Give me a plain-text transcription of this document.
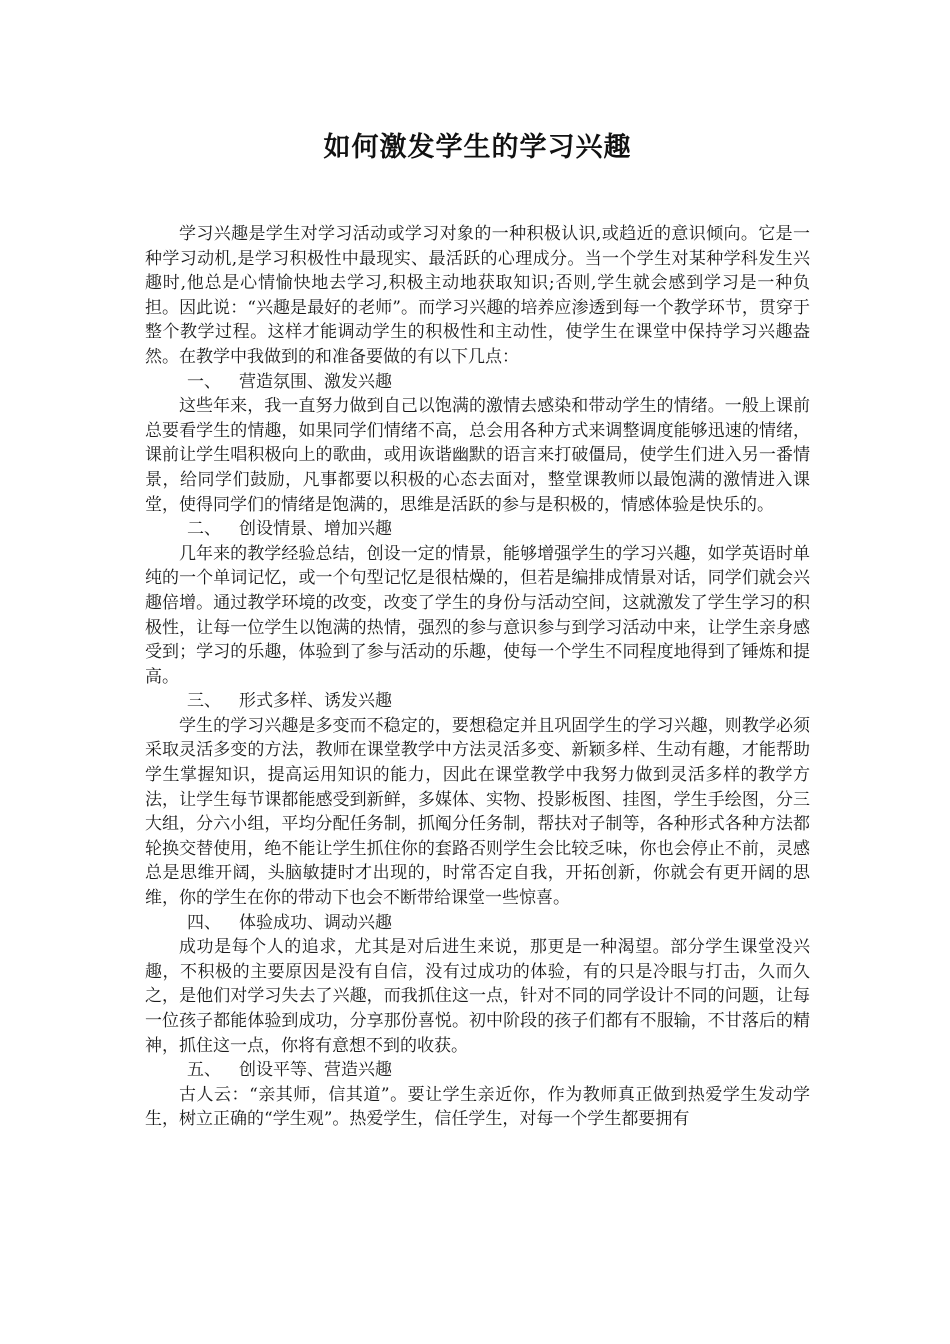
如何激发学生的学习兴趣

学习兴趣是学生对学习活动或学习对象的一种积极认识,或趋近的意识倾向。它是一种学习动机,是学习积极性中最现实、最活跃的心理成分。当一个学生对某种学科发生兴趣时,他总是心情愉快地去学习,积极主动地获取知识;否则,学生就会感到学习是一种负担。因此说：“兴趣是最好的老师”。而学习兴趣的培养应渗透到每一个教学环节，贯穿于整个教学过程。这样才能调动学生的积极性和主动性，使学生在课堂中保持学习兴趣盎然。在教学中我做到的和准备要做的有以下几点：

一、 营造氛围、激发兴趣

这些年来，我一直努力做到自己以饱满的激情去感染和带动学生的情绪。一般上课前总要看学生的情趣，如果同学们情绪不高，总会用各种方式来调整调度能够迅速的情绪，课前让学生唱积极向上的歌曲，或用诙谐幽默的语言来打破僵局，使学生们进入另一番情景，给同学们鼓励，凡事都要以积极的心态去面对，整堂课教师以最饱满的激情进入课堂，使得同学们的情绪是饱满的，思维是活跃的参与是积极的，情感体验是快乐的。

二、 创设情景、增加兴趣

几年来的教学经验总结，创设一定的情景，能够增强学生的学习兴趣，如学英语时单纯的一个单词记忆，或一个句型记忆是很枯燥的，但若是编排成情景对话，同学们就会兴趣倍增。通过教学环境的改变，改变了学生的身份与活动空间，这就激发了学生学习的积极性，让每一位学生以饱满的热情，强烈的参与意识参与到学习活动中来，让学生亲身感受到；学习的乐趣，体验到了参与活动的乐趣，使每一个学生不同程度地得到了锤炼和提高。

三、 形式多样、诱发兴趣

学生的学习兴趣是多变而不稳定的，要想稳定并且巩固学生的学习兴趣，则教学必须采取灵活多变的方法，教师在课堂教学中方法灵活多变、新颖多样、生动有趣，才能帮助学生掌握知识，提高运用知识的能力，因此在课堂教学中我努力做到灵活多样的教学方法，让学生每节课都能感受到新鲜，多媒体、实物、投影板图、挂图，学生手绘图，分三大组，分六小组，平均分配任务制，抓阄分任务制，帮扶对子制等，各种形式各种方法都轮换交替使用，绝不能让学生抓住你的套路否则学生会比较乏味，你也会停止不前，灵感总是思维开阔，头脑敏捷时才出现的，时常否定自我，开拓创新，你就会有更开阔的思维，你的学生在你的带动下也会不断带给课堂一些惊喜。

四、 体验成功、调动兴趣

成功是每个人的追求，尤其是对后进生来说，那更是一种渴望。部分学生课堂没兴趣，不积极的主要原因是没有自信，没有过成功的体验，有的只是冷眼与打击，久而久之，是他们对学习失去了兴趣，而我抓住这一点，针对不同的同学设计不同的问题，让每一位孩子都能体验到成功，分享那份喜悦。初中阶段的孩子们都有不服输，不甘落后的精神，抓住这一点，你将有意想不到的收获。

五、 创设平等、营造兴趣

古人云：“亲其师，信其道”。要让学生亲近你，作为教师真正做到热爱学生发动学生，树立正确的“学生观”。热爱学生，信任学生，对每一个学生都要拥有
